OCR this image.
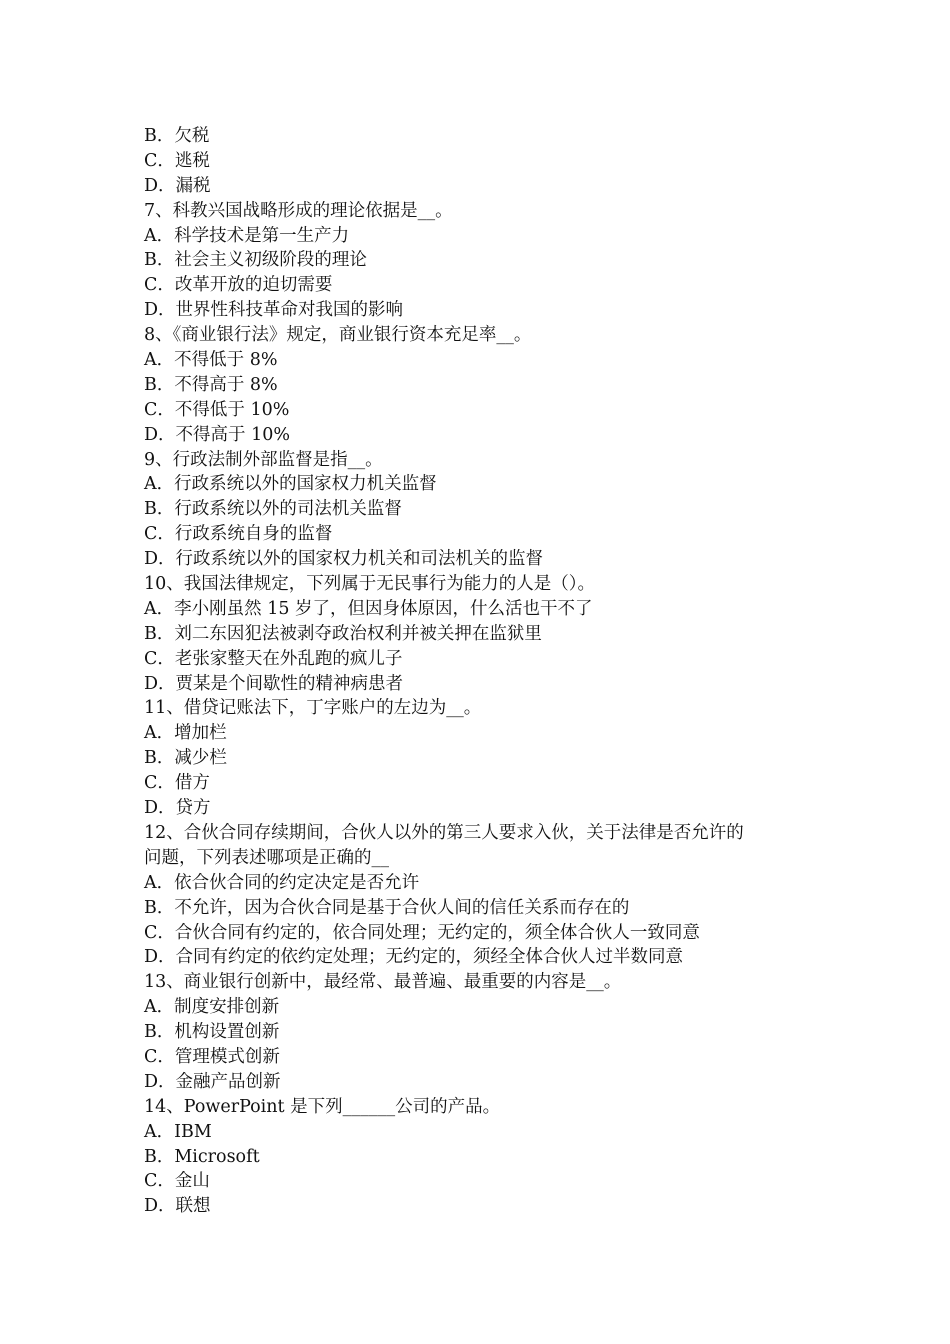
B．欠税
C．逃税
D．漏税
7、科教兴国战略形成的理论依据是__。
A．科学技术是第一生产力
B．社会主义初级阶段的理论
C．改革开放的迫切需要
D．世界性科技革命对我国的影响
8、《商业银行法》规定，商业银行资本充足率__。
A．不得低于 8%
B．不得高于 8%
C．不得低于 10%
D．不得高于 10%
9、行政法制外部监督是指__。
A．行政系统以外的国家权力机关监督
B．行政系统以外的司法机关监督
C．行政系统自身的监督
D．行政系统以外的国家权力机关和司法机关的监督
10、我国法律规定，下列属于无民事行为能力的人是（）。
A．李小刚虽然 15 岁了，但因身体原因，什么活也干不了
B．刘二东因犯法被剥夺政治权利并被关押在监狱里
C．老张家整天在外乱跑的疯儿子
D．贾某是个间歇性的精神病患者
11、借贷记账法下，丁字账户的左边为__。
A．增加栏
B．减少栏
C．借方
D．贷方
12、合伙合同存续期间，合伙人以外的第三人要求入伙，关于法律是否允许的
问题，下列表述哪项是正确的__
A．依合伙合同的约定决定是否允许
B．不允许，因为合伙合同是基于合伙人间的信任关系而存在的
C．合伙合同有约定的，依合同处理；无约定的，须全体合伙人一致同意
D．合同有约定的依约定处理；无约定的，须经全体合伙人过半数同意
13、商业银行创新中，最经常、最普遍、最重要的内容是__。
A．制度安排创新
B．机构设置创新
C．管理模式创新
D．金融产品创新
14、PowerPoint 是下列______公司的产品。
A．IBM
B．Microsoft
C．金山
D．联想
